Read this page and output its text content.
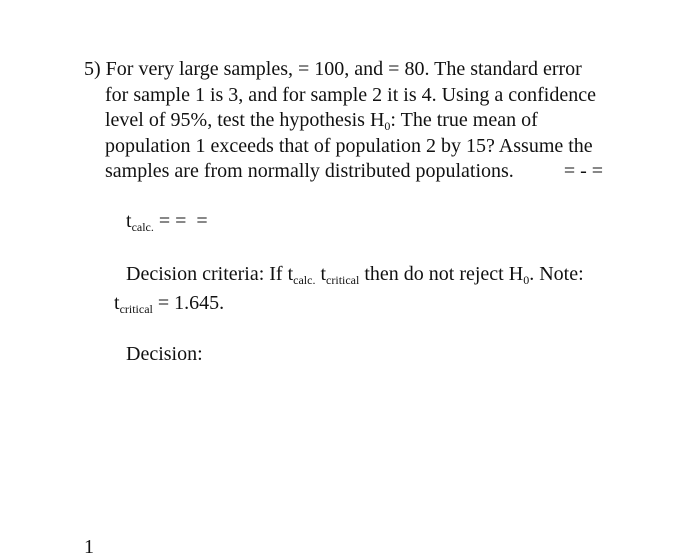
5) For very large samples, = 100, and = 80. The standard error
for sample 1 is 3, and for sample 2 it is 4. Using a confidence
level of 95%, test the hypothesis $H_0$: The true mean of
population 1 exceeds that of population 2 by 15? Assume the
samples are from normally distributed populations.	= - =
$t_{calc.}$ = =  =
Decision criteria: If $t_{calc.}$ $t_{critical}$ then do not reject $H_0$. Note:
$t_{critical} = 1.645$.
Decision:
1
